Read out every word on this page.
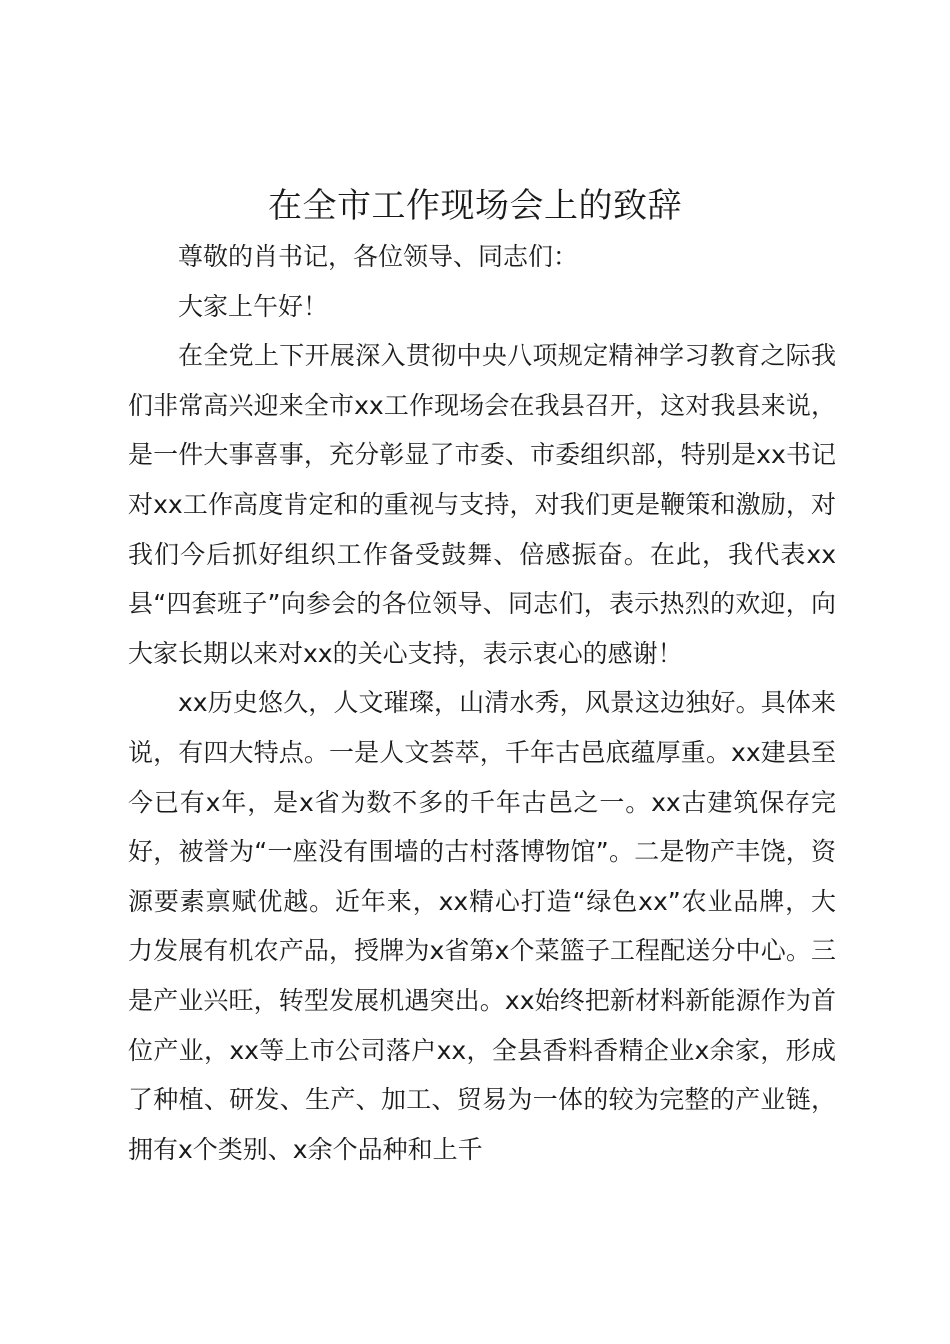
在全市工作现场会上的致辞

尊敬的肖书记，各位领导、同志们：

大家上午好！

在全党上下开展深入贯彻中央八项规定精神学习教育之际我们非常高兴迎来全市xx工作现场会在我县召开，这对我县来说，是一件大事喜事，充分彰显了市委、市委组织部，特别是xx书记对xx工作高度肯定和的重视与支持，对我们更是鞭策和激励，对我们今后抓好组织工作备受鼓舞、倍感振奋。在此，我代表xx县“四套班子”向参会的各位领导、同志们，表示热烈的欢迎，向大家长期以来对xx的关心支持，表示衷心的感谢！

xx历史悠久，人文璀璨，山清水秀，风景这边独好。具体来说，有四大特点。一是人文荟萃，千年古邑底蕴厚重。xx建县至今已有x年，是x省为数不多的千年古邑之一。xx古建筑保存完好，被誉为“一座没有围墙的古村落博物馆”。二是物产丰饶，资源要素禀赋优越。近年来，xx精心打造“绿色xx”农业品牌，大力发展有机农产品，授牌为x省第x个菜篮子工程配送分中心。三是产业兴旺，转型发展机遇突出。xx始终把新材料新能源作为首位产业，xx等上市公司落户xx，全县香料香精企业x余家，形成了种植、研发、生产、加工、贸易为一体的较为完整的产业链，拥有x个类别、x余个品种和上千
